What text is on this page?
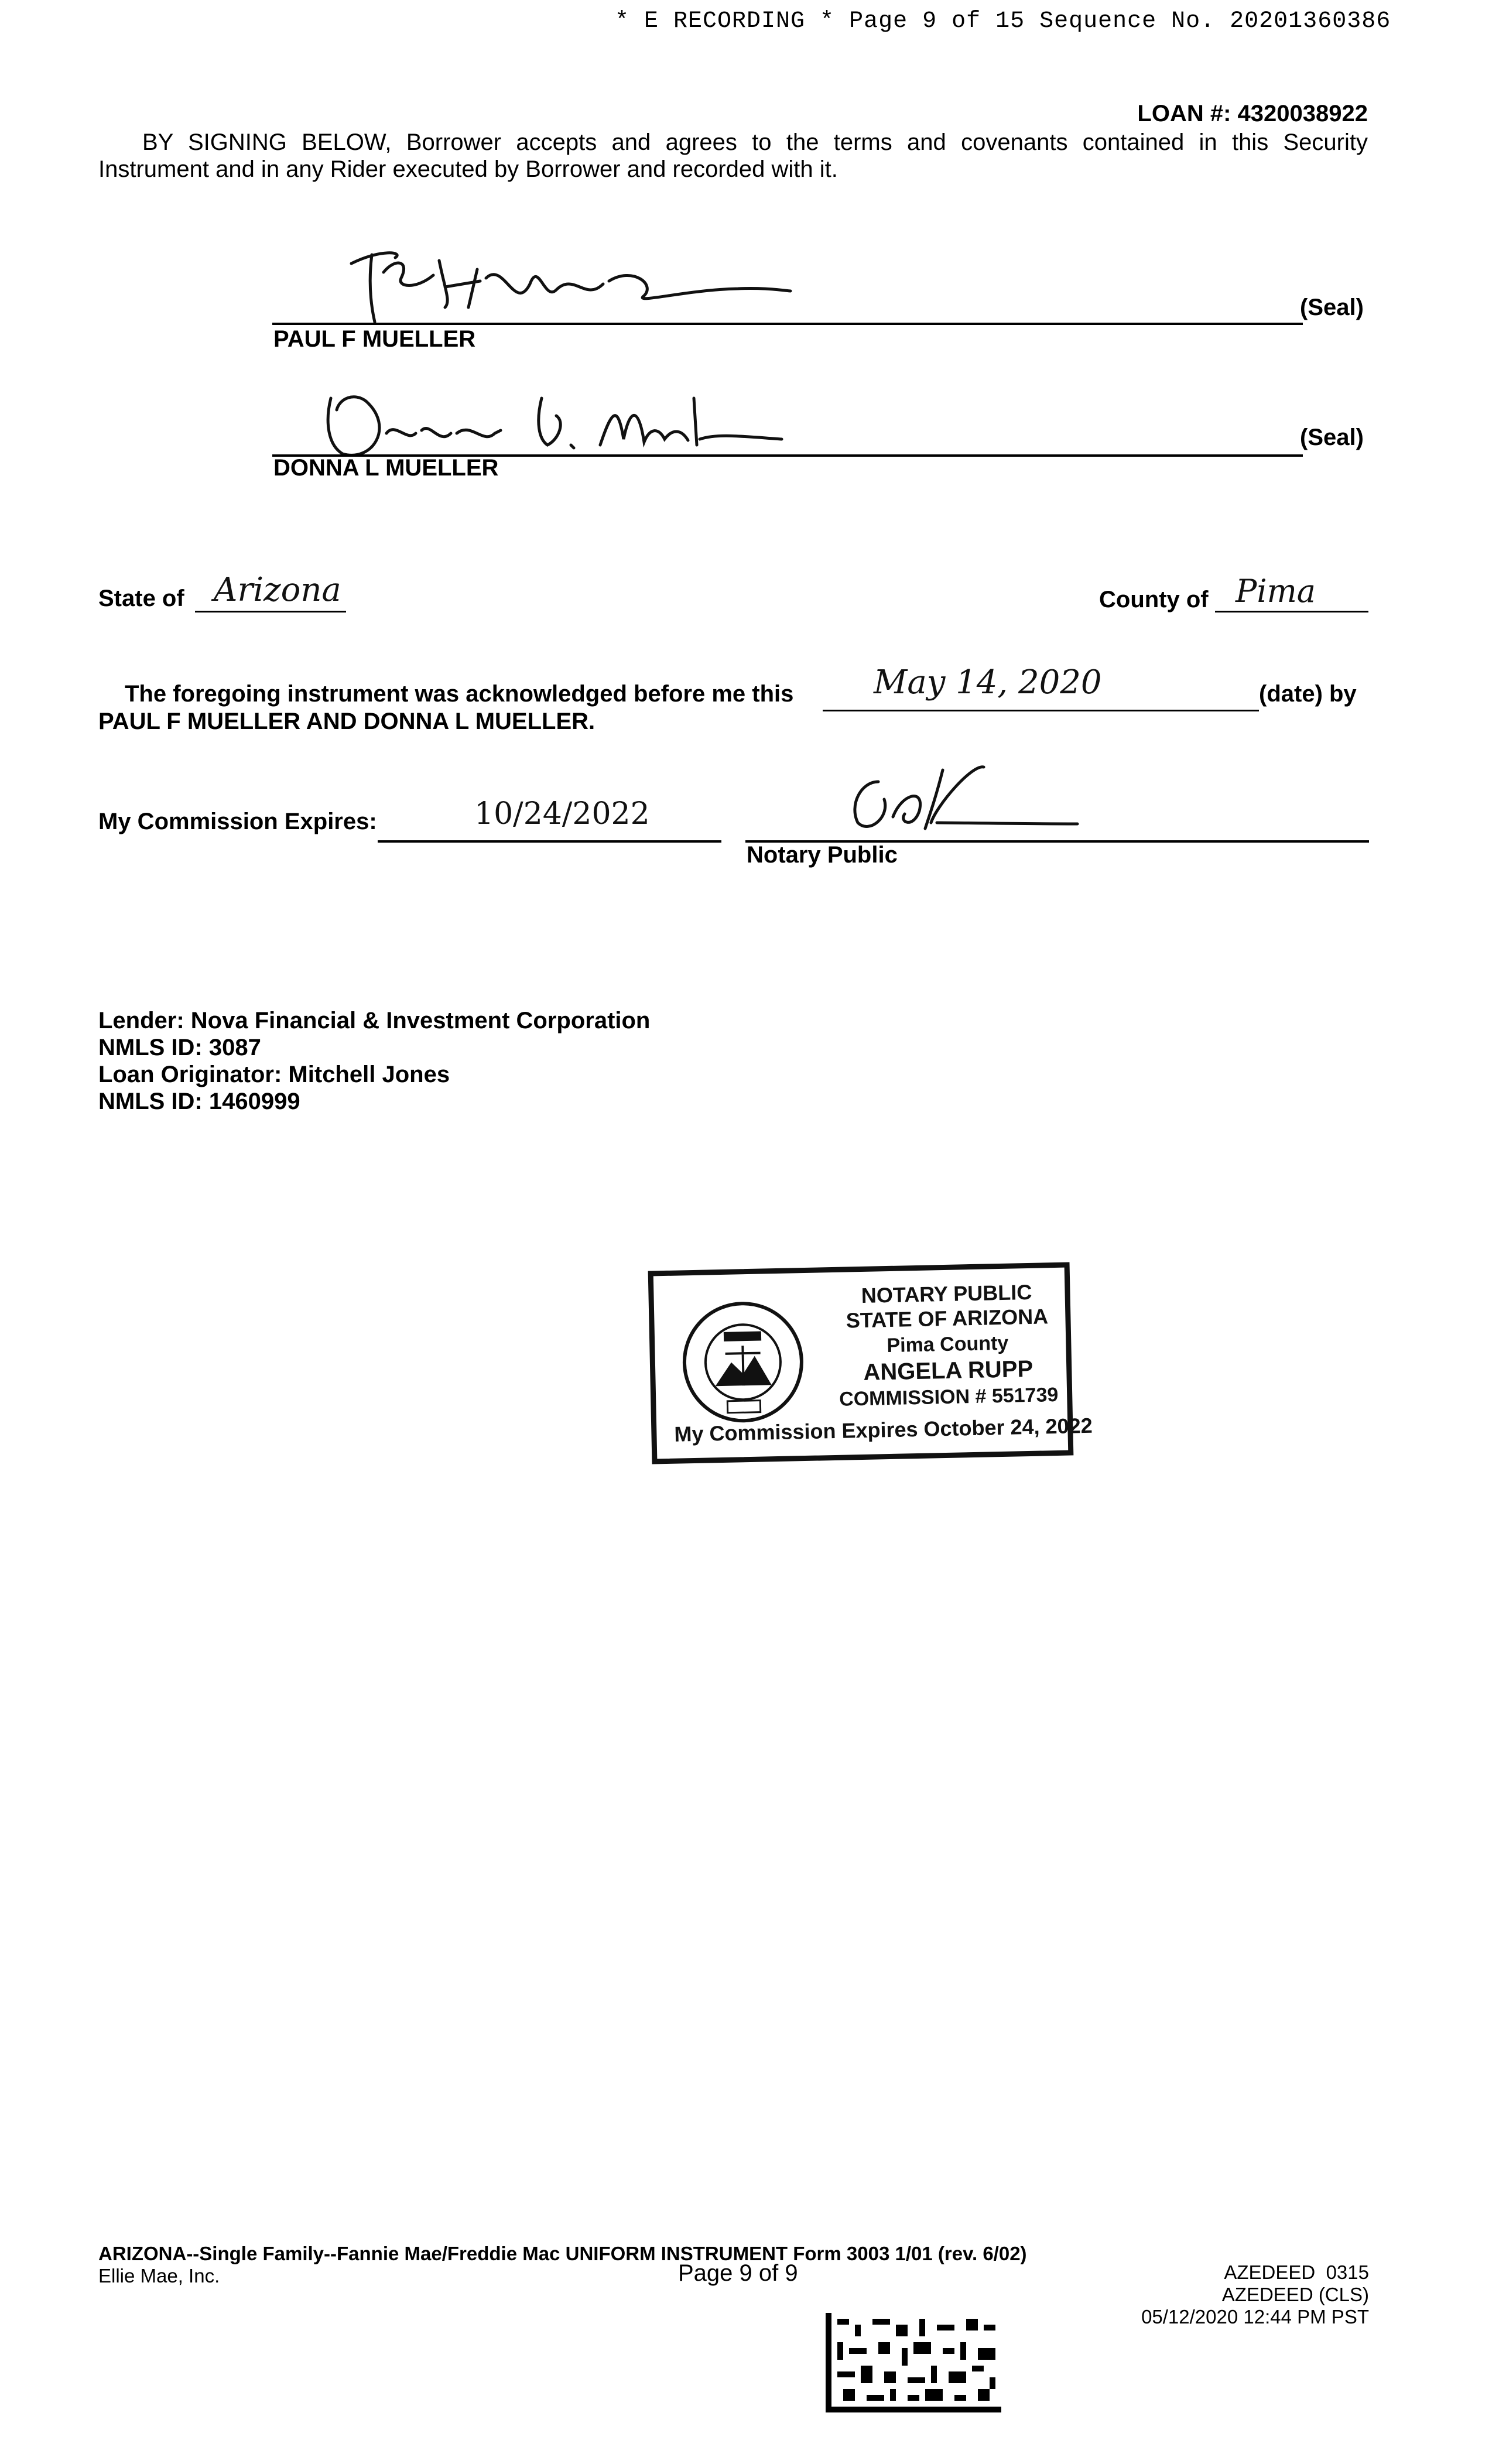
* E RECORDING * Page 9 of 15 Sequence No. 20201360386
LOAN #: 4320038922
BY SIGNING BELOW, Borrower accepts and agrees to the terms and covenants contained in this Security
Instrument and in any Rider executed by Borrower and recorded with it.
(Seal)
PAUL F MUELLER
(Seal)
DONNA L MUELLER
State of Arizona	County of Pima
The foregoing instrument was acknowledged before me this May 14, 2020	(date) by
PAUL F MUELLER AND DONNA L MUELLER.
My Commission Expires:	10/24/2022
Notary Public
Lender: Nova Financial & Investment Corporation
NMLS ID: 3087
Loan Originator: Mitchell Jones
NMLS ID: 1460999
NOTARY PUBLIC
STATE OF ARIZONA
Pima County
ANGELA RUPP
COMMISSION # 551739
My Commission Expires October 24, 2022
ARIZONA--Single Family--Fannie Mae/Freddie Mac UNIFORM INSTRUMENT Form 3003 1/01 (rev. 6/02)
Ellie Mae, Inc.	Page 9 of 9	AZEDEED  0315
AZEDEED (CLS)
05/12/2020 12:44 PM PST
